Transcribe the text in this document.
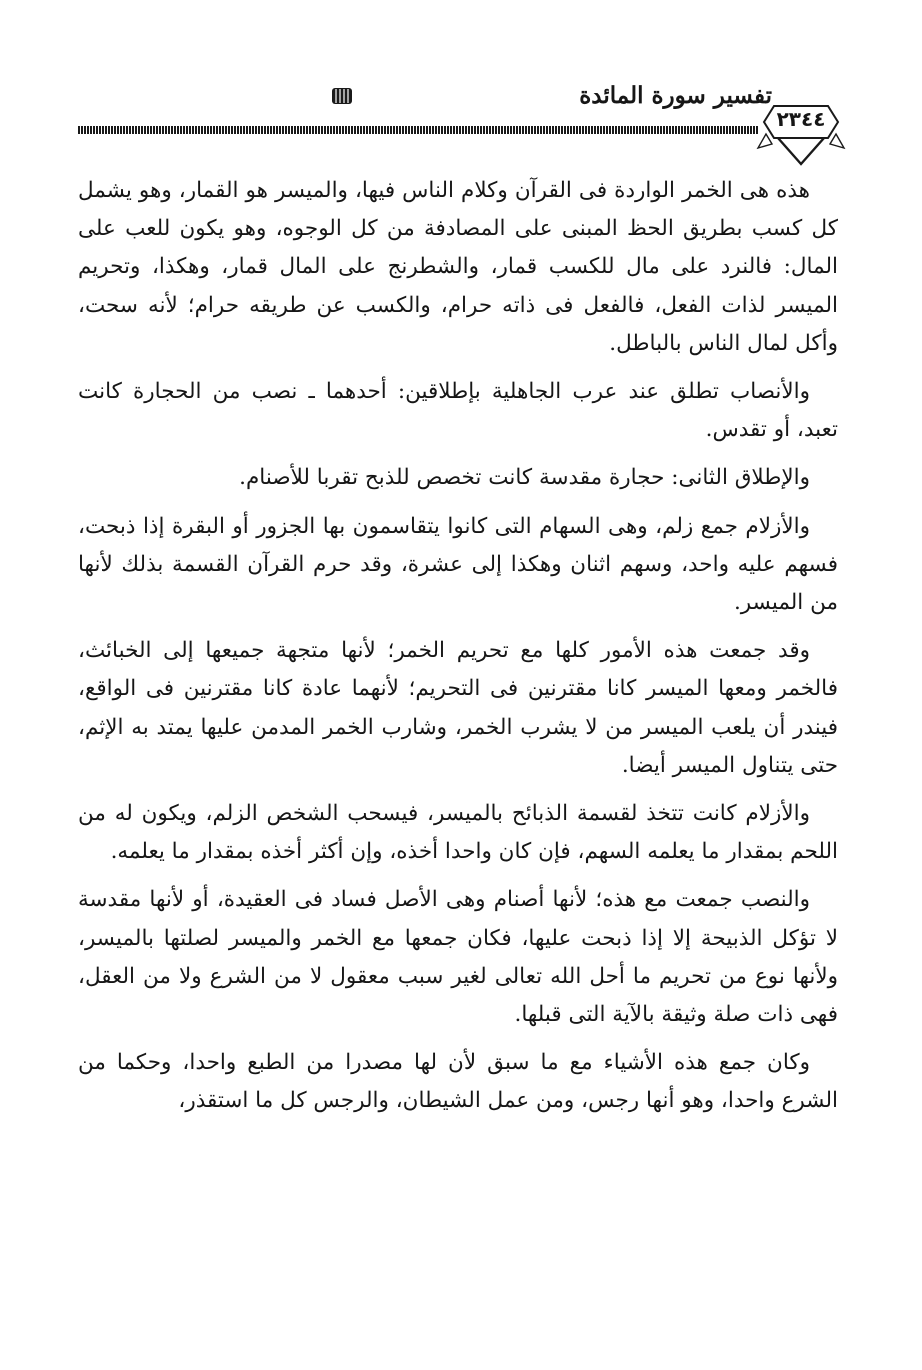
تفسير سورة المائدة
٢٣٤٤

هذه هى الخمر الواردة فى القرآن وكلام الناس فيها، والميسر هو القمار، وهو يشمل كل كسب بطريق الحظ المبنى على المصادفة من كل الوجوه، وهو يكون للعب على المال: فالنرد على مال للكسب قمار، والشطرنج على المال قمار، وهكذا، وتحريم الميسر لذات الفعل، فالفعل فى ذاته حرام، والكسب عن طريقه حرام؛ لأنه سحت، وأكل لمال الناس بالباطل.

والأنصاب تطلق عند عرب الجاهلية بإطلاقين: أحدهما ـ نصب من الحجارة كانت تعبد، أو تقدس.

والإطلاق الثانى: حجارة مقدسة كانت تخصص للذبح تقربا للأصنام.

والأزلام جمع زلم، وهى السهام التى كانوا يتقاسمون بها الجزور أو البقرة إذا ذبحت، فسهم عليه واحد، وسهم اثنان وهكذا إلى عشرة، وقد حرم القرآن القسمة بذلك لأنها من الميسر.

وقد جمعت هذه الأمور كلها مع تحريم الخمر؛ لأنها متجهة جميعها إلى الخبائث، فالخمر ومعها الميسر كانا مقترنين فى التحريم؛ لأنهما عادة كانا مقترنين فى الواقع، فيندر أن يلعب الميسر من لا يشرب الخمر، وشارب الخمر المدمن عليها يمتد به الإثم، حتى يتناول الميسر أيضا.

والأزلام كانت تتخذ لقسمة الذبائح بالميسر، فيسحب الشخص الزلم، ويكون له من اللحم بمقدار ما يعلمه السهم، فإن كان واحدا أخذه، وإن أكثر أخذه بمقدار ما يعلمه.

والنصب جمعت مع هذه؛ لأنها أصنام وهى الأصل فساد فى العقيدة، أو لأنها مقدسة لا تؤكل الذبيحة إلا إذا ذبحت عليها، فكان جمعها مع الخمر والميسر لصلتها بالميسر، ولأنها نوع من تحريم ما أحل الله تعالى لغير سبب معقول لا من الشرع ولا من العقل، فهى ذات صلة وثيقة بالآية التى قبلها.

وكان جمع هذه الأشياء مع ما سبق لأن لها مصدرا من الطبع واحدا، وحكما من الشرع واحدا، وهو أنها رجس، ومن عمل الشيطان، والرجس كل ما استقذر،
